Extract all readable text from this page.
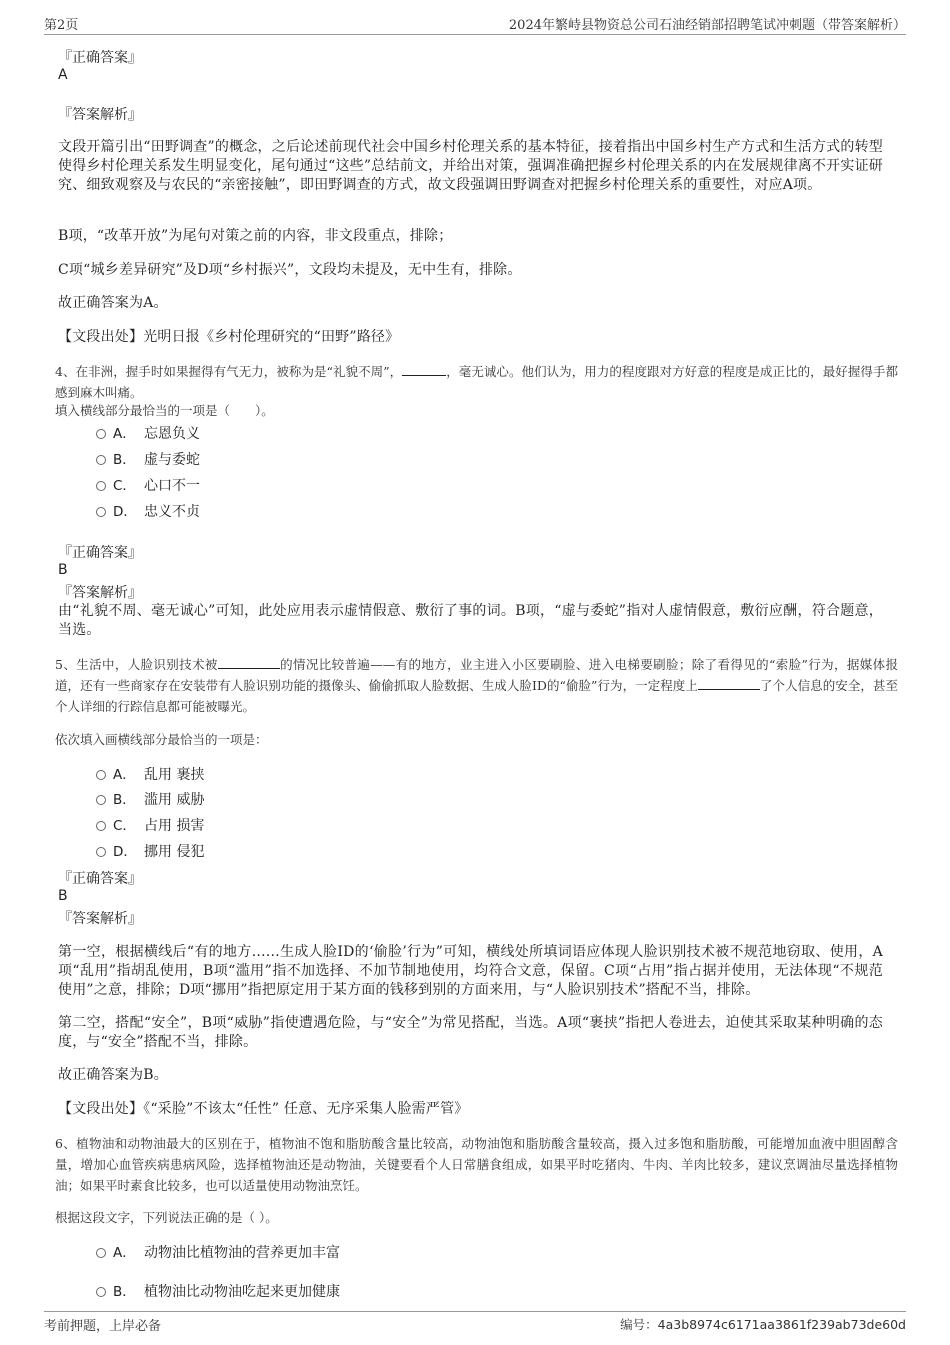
第2页	2024年繁峙县物资总公司石油经销部招聘笔试冲刺题（带答案解析）
『正确答案』
A
『答案解析』
文段开篇引出“田野调查”的概念，之后论述前现代社会中国乡村伦理关系的基本特征，接着指出中国乡村生产方式和生活方式的转型使得乡村伦理关系发生明显变化，尾句通过“这些”总结前文，并给出对策，强调准确把握乡村伦理关系的内在发展规律离不开实证研究、细致观察及与农民的“亲密接触”，即田野调查的方式，故文段强调田野调查对把握乡村伦理关系的重要性，对应A项。
B项，“改革开放”为尾句对策之前的内容，非文段重点，排除；
C项“城乡差异研究”及D项“乡村振兴”，文段均未提及，无中生有，排除。
故正确答案为A。
【文段出处】光明日报《乡村伦理研究的“田野”路径》
4、在非洲，握手时如果握得有气无力，被称为是“礼貌不周”，	，毫无诚心。他们认为，用力的程度跟对方好意的程度是成正比的，最好握得手都感到麻木叫痛。
填入横线部分最恰当的一项是（　　）。
A． 忘恩负义
B． 虚与委蛇
C． 心口不一
D． 忠义不贞
『正确答案』
B
『答案解析』
由“礼貌不周、毫无诚心”可知，此处应用表示虚情假意、敷衍了事的词。B项，“虚与委蛇”指对人虚情假意，敷衍应酬，符合题意，当选。
5、生活中，人脸识别技术被	的情况比较普遍——有的地方，业主进入小区要刷脸、进入电梯要刷脸；除了看得见的“索脸”行为，据媒体报道，还有一些商家存在安装带有人脸识别功能的摄像头、偷偷抓取人脸数据、生成人脸ID的“偷脸”行为，一定程度上	了个人信息的安全，甚至个人详细的行踪信息都可能被曝光。
依次填入画横线部分最恰当的一项是：
A． 乱用 裹挟
B． 滥用 威胁
C． 占用 损害
D． 挪用 侵犯
『正确答案』
B
『答案解析』
第一空，根据横线后“有的地方……生成人脸ID的‘偷脸’行为”可知，横线处所填词语应体现人脸识别技术被不规范地窃取、使用，A项“乱用”指胡乱使用，B项“滥用”指不加选择、不加节制地使用，均符合文意，保留。C项“占用”指占据并使用，无法体现“不规范使用”之意，排除；D项“挪用”指把原定用于某方面的钱移到别的方面来用，与“人脸识别技术”搭配不当，排除。
第二空，搭配“安全”，B项“威胁”指使遭遇危险，与“安全”为常见搭配，当选。A项“裹挟”指把人卷进去，迫使其采取某种明确的态度，与“安全”搭配不当，排除。
故正确答案为B。
【文段出处】《“采脸”不该太“任性” 任意、无序采集人脸需严管》
6、植物油和动物油最大的区别在于，植物油不饱和脂肪酸含量比较高，动物油饱和脂肪酸含量较高，摄入过多饱和脂肪酸，可能增加血液中胆固醇含量，增加心血管疾病患病风险，选择植物油还是动物油，关键要看个人日常膳食组成，如果平时吃猪肉、牛肉、羊肉比较多，建议烹调油尽量选择植物油；如果平时素食比较多，也可以适量使用动物油烹饪。
根据这段文字，下列说法正确的是（ ）。
A． 动物油比植物油的营养更加丰富
B． 植物油比动物油吃起来更加健康
考前押题，上岸必备	编号：4a3b8974c6171aa3861f239ab73de60d
